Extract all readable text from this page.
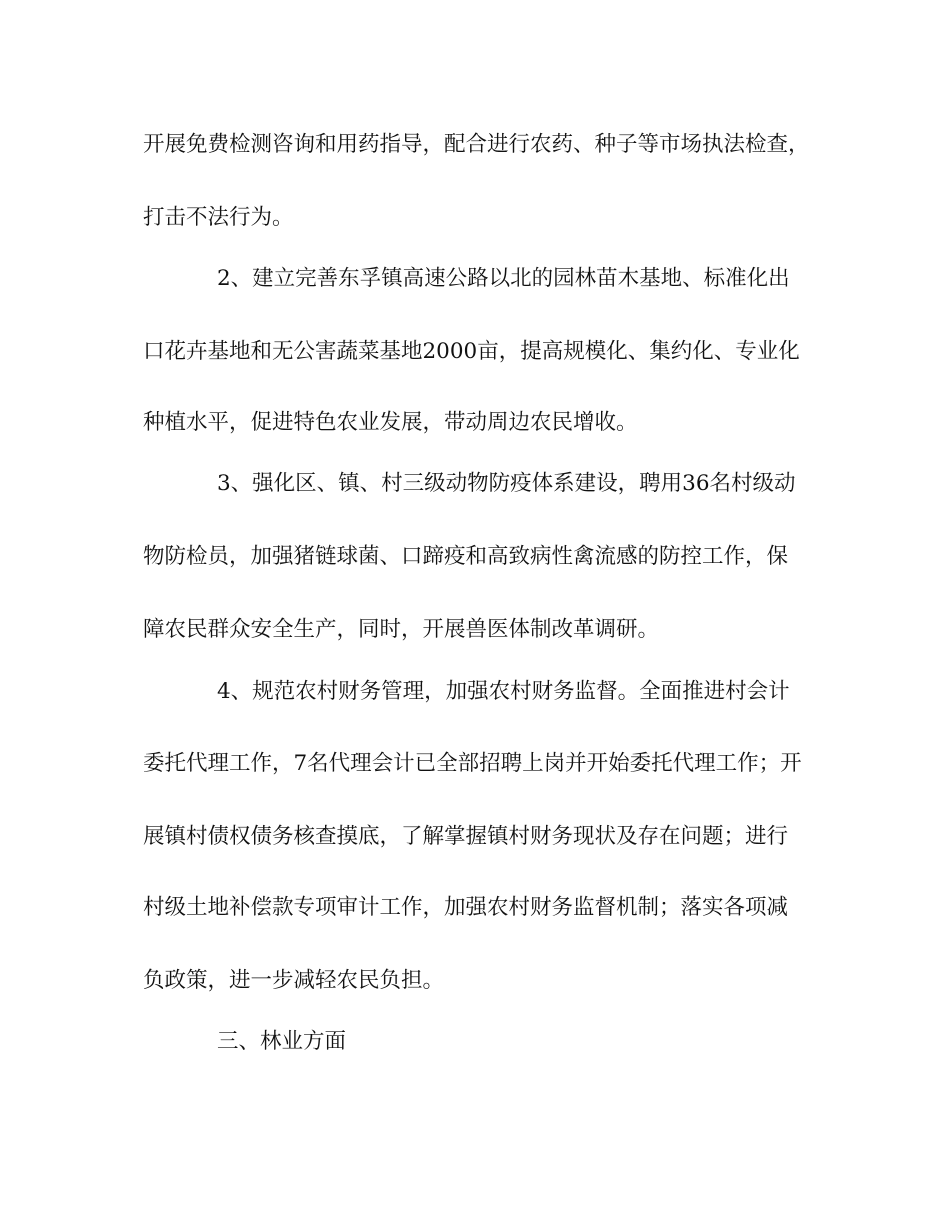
开展免费检测咨询和用药指导，配合进行农药、种子等市场执法检查，
打击不法行为。
2、建立完善东孚镇高速公路以北的园林苗木基地、标准化出
口花卉基地和无公害蔬菜基地2000亩，提高规模化、集约化、专业化
种植水平，促进特色农业发展，带动周边农民增收。
3、强化区、镇、村三级动物防疫体系建设，聘用36名村级动
物防检员，加强猪链球菌、口蹄疫和高致病性禽流感的防控工作，保
障农民群众安全生产，同时，开展兽医体制改革调研。
4、规范农村财务管理，加强农村财务监督。全面推进村会计
委托代理工作，7名代理会计已全部招聘上岗并开始委托代理工作；开
展镇村债权债务核查摸底，了解掌握镇村财务现状及存在问题；进行
村级土地补偿款专项审计工作，加强农村财务监督机制；落实各项减
负政策，进一步减轻农民负担。
三、林业方面
